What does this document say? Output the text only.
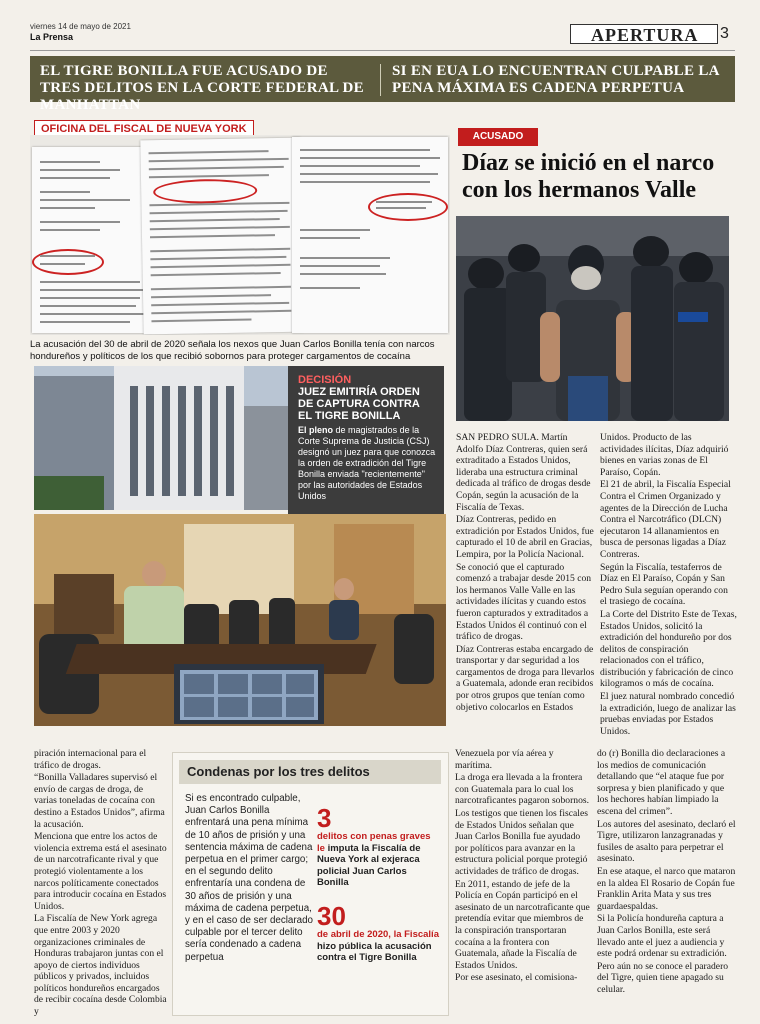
viernes 14 de mayo de 2021
La Prensa	APERTURA	3
EL TIGRE BONILLA FUE ACUSADO DE TRES DELITOS EN LA CORTE FEDERAL DE MANHATTAN
SI EN EUA LO ENCUENTRAN CULPABLE LA PENA MÁXIMA ES CADENA PERPETUA
OFICINA DEL FISCAL DE NUEVA YORK
La acusación del 30 de abril de 2020 señala los nexos que Juan Carlos Bonilla tenía con narcos hondureños y políticos de los que recibió sobornos para proteger cargamentos de cocaína
ACUSADO
Díaz se inició en el narco con los hermanos Valle
DECISIÓN
JUEZ EMITIRÍA ORDEN DE CAPTURA CONTRA EL TIGRE BONILLA
El pleno de magistrados de la Corte Suprema de Justicia (CSJ) designó un juez para que conozca la orden de extradición del Tigre Bonilla enviada "recientemente" por las autoridades de Estados Unidos

SAN PEDRO SULA. Martín Adolfo Díaz Contreras, quien será extraditado a Estados Unidos, lideraba una estructura criminal dedicada al tráfico de drogas desde Copán, según la acusación de la Fiscalía de Texas.

Díaz Contreras, pedido en extradición por Estados Unidos, fue capturado el 10 de abril en Gracias, Lempira, por la Policía Nacional.

Se conoció que el capturado comenzó a trabajar desde 2015 con los hermanos Valle Valle en las actividades ilícitas y cuando estos fueron capturados y extraditados a Estados Unidos él continuó con el tráfico de drogas.

Díaz Contreras estaba encargado de transportar y dar seguridad a los cargamentos de droga para llevarlos a Guatemala, adonde eran recibidos por otros grupos que tenían como objetivo colocarlos en Estados

Unidos. Producto de las actividades ilícitas, Díaz adquirió bienes en varias zonas de El Paraíso, Copán.

El 21 de abril, la Fiscalía Especial Contra el Crimen Organizado y agentes de la Dirección de Lucha Contra el Narcotráfico (DLCN) ejecutaron 14 allanamientos en busca de personas ligadas a Díaz Contreras.

Según la Fiscalía, testaferros de Díaz en El Paraíso, Copán y San Pedro Sula seguían operando con el trasiego de cocaína.

La Corte del Distrito Este de Texas, Estados Unidos, solicitó la extradición del hondureño por dos delitos de conspiración relacionados con el tráfico, distribución y fabricación de cinco kilogramos o más de cocaína.

El juez natural nombrado concedió la extradición, luego de analizar las pruebas enviadas por Estados Unidos.

piración internacional para el tráfico de drogas.

“Bonilla Valladares supervisó el envío de cargas de droga, de varias toneladas de cocaína con destino a Estados Unidos”, afirma la acusación.

Menciona que entre los actos de violencia extrema está el asesinato de un narcotraficante rival y que protegió violentamente a los narcos políticamente conectados para introducir cocaína en Estados Unidos.

La Fiscalía de New York agrega que entre 2003 y 2020 organizaciones criminales de Honduras trabajaron juntas con el apoyo de ciertos individuos públicos y privados, incluidos políticos hondureños encargados de recibir cocaína desde Colombia y

Condenas por los tres delitos
Si es encontrado culpable, Juan Carlos Bonilla enfrentará una pena mínima de 10 años de prisión y una sentencia máxima de cadena perpetua en el primer cargo; en el segundo delito enfrentaría una condena de 30 años de prisión y una máxima de cadena perpetua, y en el caso de ser declarado culpable por el tercer delito sería condenado a cadena perpetua
3
delitos con penas graves le imputa la Fiscalía de Nueva York al exjeraca policial Juan Carlos Bonilla
30
de abril de 2020, la Fiscalía hizo pública la acusación contra el Tigre Bonilla

Venezuela por vía aérea y marítima.

La droga era llevada a la frontera con Guatemala para lo cual los narcotraficantes pagaron sobornos.

Los testigos que tienen los fiscales de Estados Unidos señalan que Juan Carlos Bonilla fue ayudado por políticos para avanzar en la estructura policial porque protegió actividades de tráfico de drogas.

En 2011, estando de jefe de la Policía en Copán participó en el asesinato de un narcotraficante que pretendía evitar que miembros de la conspiración transportaran cocaína a la frontera con Guatemala, añade la Fiscalía de Estados Unidos.

Por ese asesinato, el comisiona-

do (r) Bonilla dio declaraciones a los medios de comunicación detallando que “el ataque fue por sorpresa y bien planificado y que los hechores habían limpiado la escena del crimen”.

Los autores del asesinato, declaró el Tigre, utilizaron lanzagranadas y fusiles de asalto para perpetrar el asesinato.

En ese ataque, el narco que mataron en la aldea El Rosario de Copán fue Franklin Arita Mata y sus tres guardaespaldas.

Si la Policía hondureña captura a Juan Carlos Bonilla, este será llevado ante el juez a audiencia y este podrá ordenar su extradición.

Pero aún no se conoce el paradero del Tigre, quien tiene apagado su celular.
